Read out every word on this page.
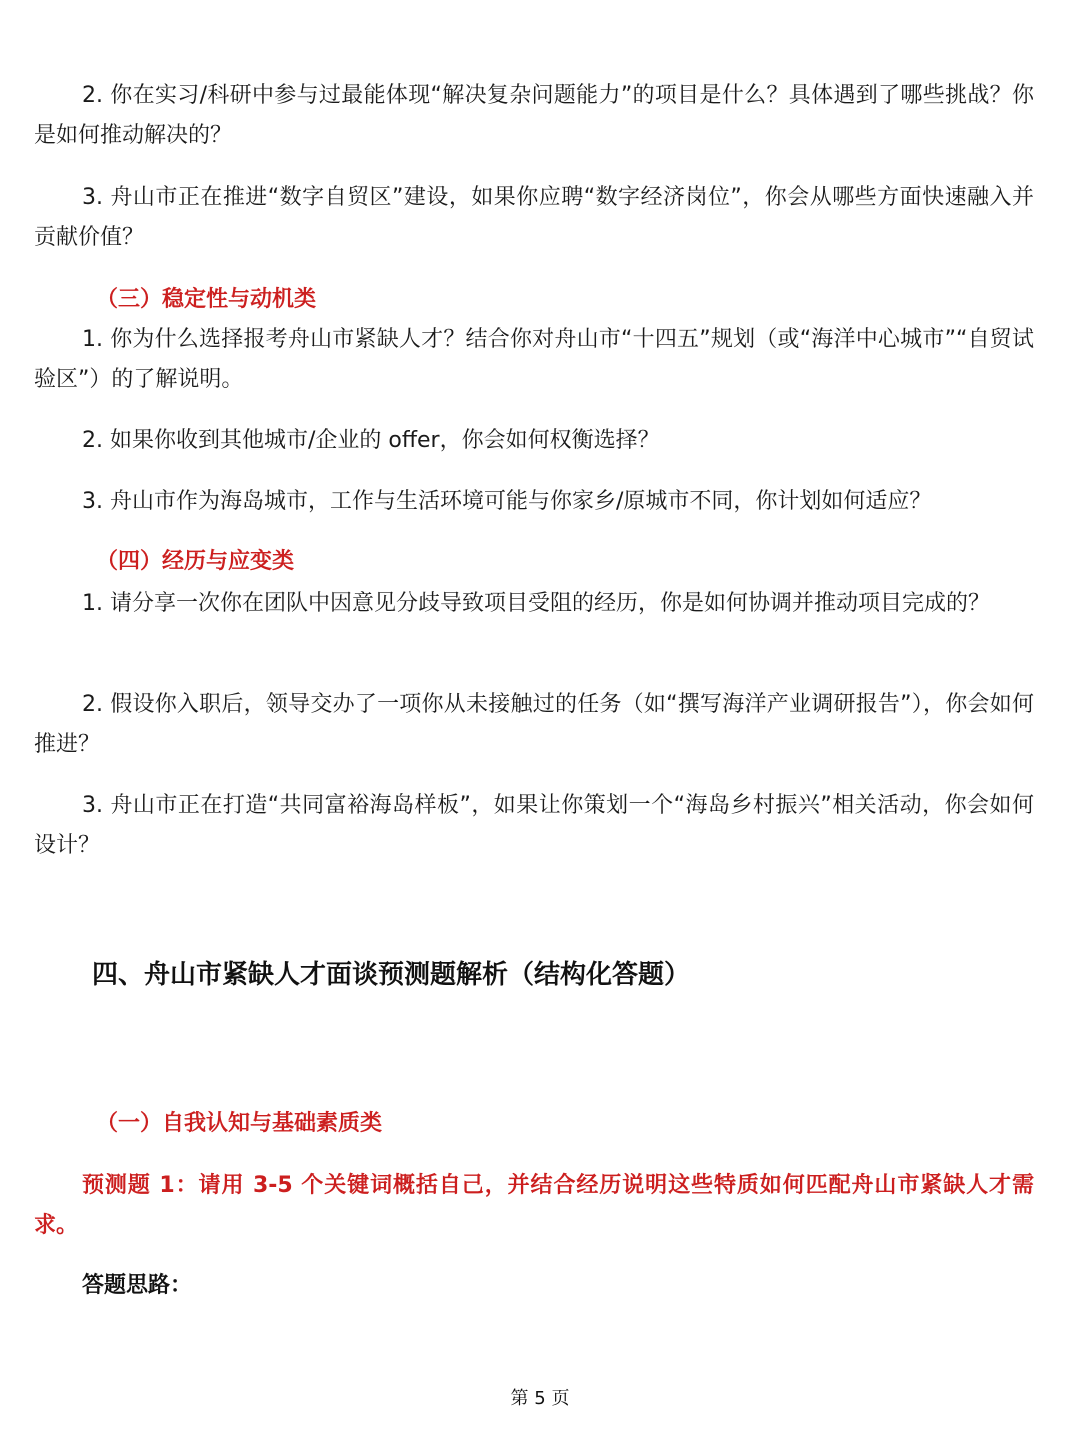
2. 你在实习/科研中参与过最能体现“解决复杂问题能力”的项目是什么？具体遇到了哪些挑战？你是如何推动解决的？

3. 舟山市正在推进“数字自贸区”建设，如果你应聘“数字经济岗位”，你会从哪些方面快速融入并贡献价值？

（三）稳定性与动机类

1. 你为什么选择报考舟山市紧缺人才？结合你对舟山市“十四五”规划（或“海洋中心城市”“自贸试验区”）的了解说明。

2. 如果你收到其他城市/企业的 offer，你会如何权衡选择？

3. 舟山市作为海岛城市，工作与生活环境可能与你家乡/原城市不同，你计划如何适应？

（四）经历与应变类

1. 请分享一次你在团队中因意见分歧导致项目受阻的经历，你是如何协调并推动项目完成的？

2. 假设你入职后，领导交办了一项你从未接触过的任务（如“撰写海洋产业调研报告”），你会如何推进？

3. 舟山市正在打造“共同富裕海岛样板”，如果让你策划一个“海岛乡村振兴”相关活动，你会如何设计？

四、舟山市紧缺人才面谈预测题解析（结构化答题）
（一）自我认知与基础素质类

预测题 1：请用 3-5 个关键词概括自己，并结合经历说明这些特质如何匹配舟山市紧缺人才需求。

答题思路：

第 5 页
